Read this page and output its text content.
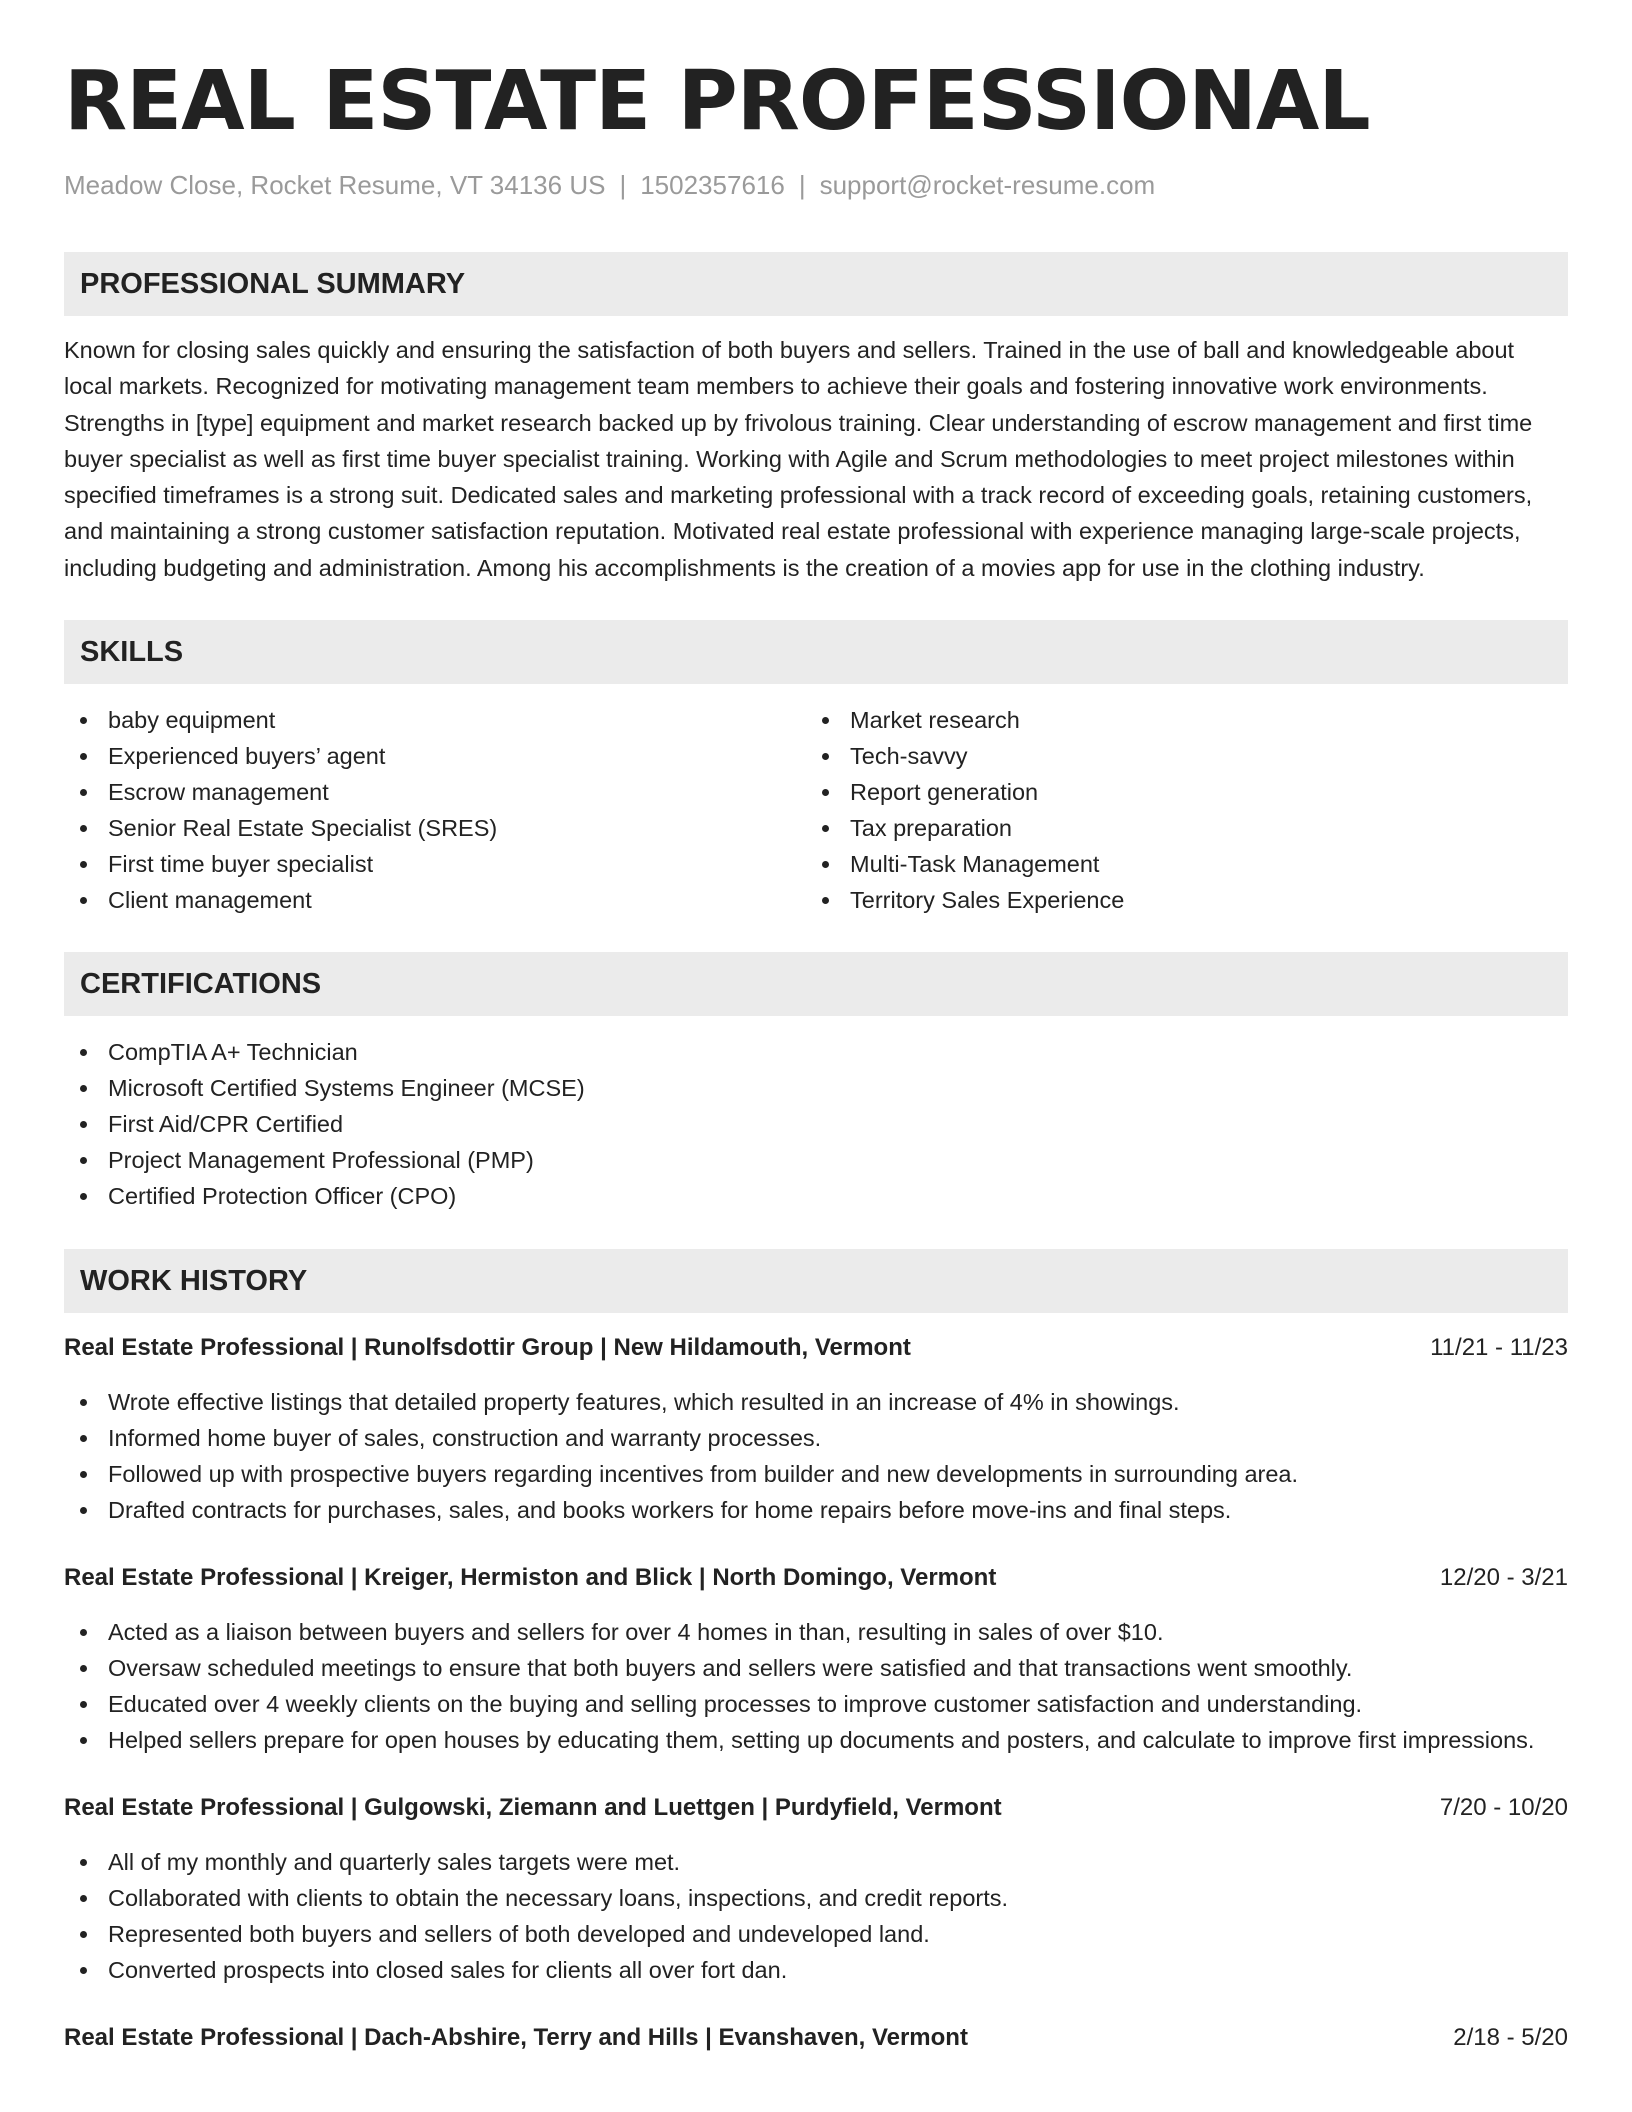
REAL ESTATE PROFESSIONAL
Meadow Close, Rocket Resume, VT 34136 US | 1502357616 | support@rocket-resume.com
PROFESSIONAL SUMMARY
Known for closing sales quickly and ensuring the satisfaction of both buyers and sellers. Trained in the use of ball and knowledgeable about local markets. Recognized for motivating management team members to achieve their goals and fostering innovative work environments. Strengths in [type] equipment and market research backed up by frivolous training. Clear understanding of escrow management and first time buyer specialist as well as first time buyer specialist training. Working with Agile and Scrum methodologies to meet project milestones within specified timeframes is a strong suit. Dedicated sales and marketing professional with a track record of exceeding goals, retaining customers, and maintaining a strong customer satisfaction reputation. Motivated real estate professional with experience managing large-scale projects, including budgeting and administration. Among his accomplishments is the creation of a movies app for use in the clothing industry.
SKILLS
baby equipment
Experienced buyers’ agent
Escrow management
Senior Real Estate Specialist (SRES)
First time buyer specialist
Client management
Market research
Tech-savvy
Report generation
Tax preparation
Multi-Task Management
Territory Sales Experience
CERTIFICATIONS
CompTIA A+ Technician
Microsoft Certified Systems Engineer (MCSE)
First Aid/CPR Certified
Project Management Professional (PMP)
Certified Protection Officer (CPO)
WORK HISTORY
Real Estate Professional | Runolfsdottir Group | New Hildamouth, Vermont	11/21 - 11/23
Wrote effective listings that detailed property features, which resulted in an increase of 4% in showings.
Informed home buyer of sales, construction and warranty processes.
Followed up with prospective buyers regarding incentives from builder and new developments in surrounding area.
Drafted contracts for purchases, sales, and books workers for home repairs before move-ins and final steps.
Real Estate Professional | Kreiger, Hermiston and Blick | North Domingo, Vermont	12/20 - 3/21
Acted as a liaison between buyers and sellers for over 4 homes in than, resulting in sales of over $10.
Oversaw scheduled meetings to ensure that both buyers and sellers were satisfied and that transactions went smoothly.
Educated over 4 weekly clients on the buying and selling processes to improve customer satisfaction and understanding.
Helped sellers prepare for open houses by educating them, setting up documents and posters, and calculate to improve first impressions.
Real Estate Professional | Gulgowski, Ziemann and Luettgen | Purdyfield, Vermont	7/20 - 10/20
All of my monthly and quarterly sales targets were met.
Collaborated with clients to obtain the necessary loans, inspections, and credit reports.
Represented both buyers and sellers of both developed and undeveloped land.
Converted prospects into closed sales for clients all over fort dan.
Real Estate Professional | Dach-Abshire, Terry and Hills | Evanshaven, Vermont	2/18 - 5/20
